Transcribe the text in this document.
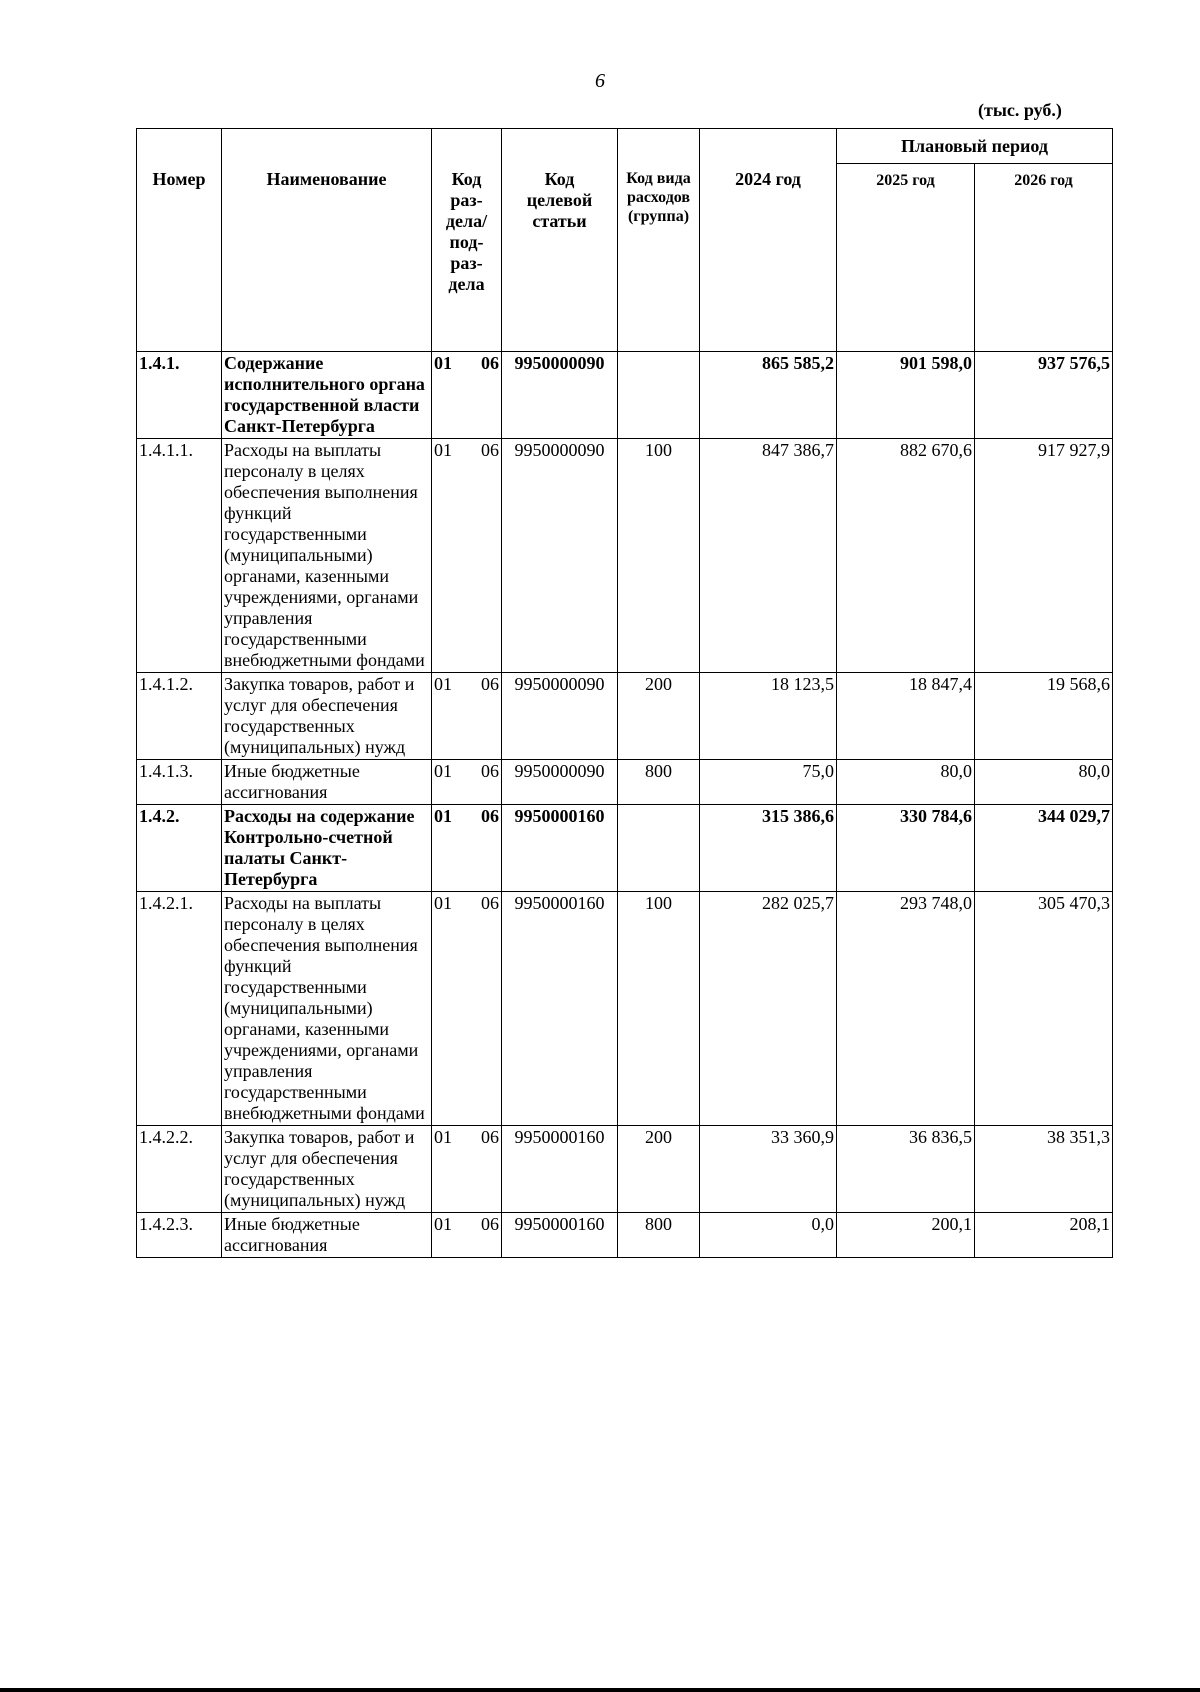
6
(тыс. руб.)
Номер	Наименование	Код раз-дела/ под-раз-дела	Код целевой статьи	Код вида расходов (группа)	2024 год	Плановый период	
						2025 год	2026 год
1.4.1.	Содержание исполнительного органа государственной власти Санкт-Петербурга	01 06	9950000090		865 585,2	901 598,0	937 576,5
1.4.1.1.	Расходы на выплаты персоналу в целях обеспечения выполнения функций государственными (муниципальными) органами, казенными учреждениями, органами управления государственными внебюджетными фондами	01 06	9950000090	100	847 386,7	882 670,6	917 927,9
1.4.1.2.	Закупка товаров, работ и услуг для обеспечения государственных (муниципальных) нужд	01 06	9950000090	200	18 123,5	18 847,4	19 568,6
1.4.1.3.	Иные бюджетные ассигнования	01 06	9950000090	800	75,0	80,0	80,0
1.4.2.	Расходы на содержание Контрольно-счетной палаты Санкт-Петербурга	01 06	9950000160		315 386,6	330 784,6	344 029,7
1.4.2.1.	Расходы на выплаты персоналу в целях обеспечения выполнения функций государственными (муниципальными) органами, казенными учреждениями, органами управления государственными внебюджетными фондами	01 06	9950000160	100	282 025,7	293 748,0	305 470,3
1.4.2.2.	Закупка товаров, работ и услуг для обеспечения государственных (муниципальных) нужд	01 06	9950000160	200	33 360,9	36 836,5	38 351,3
1.4.2.3.	Иные бюджетные ассигнования	01 06	9950000160	800	0,0	200,1	208,1
